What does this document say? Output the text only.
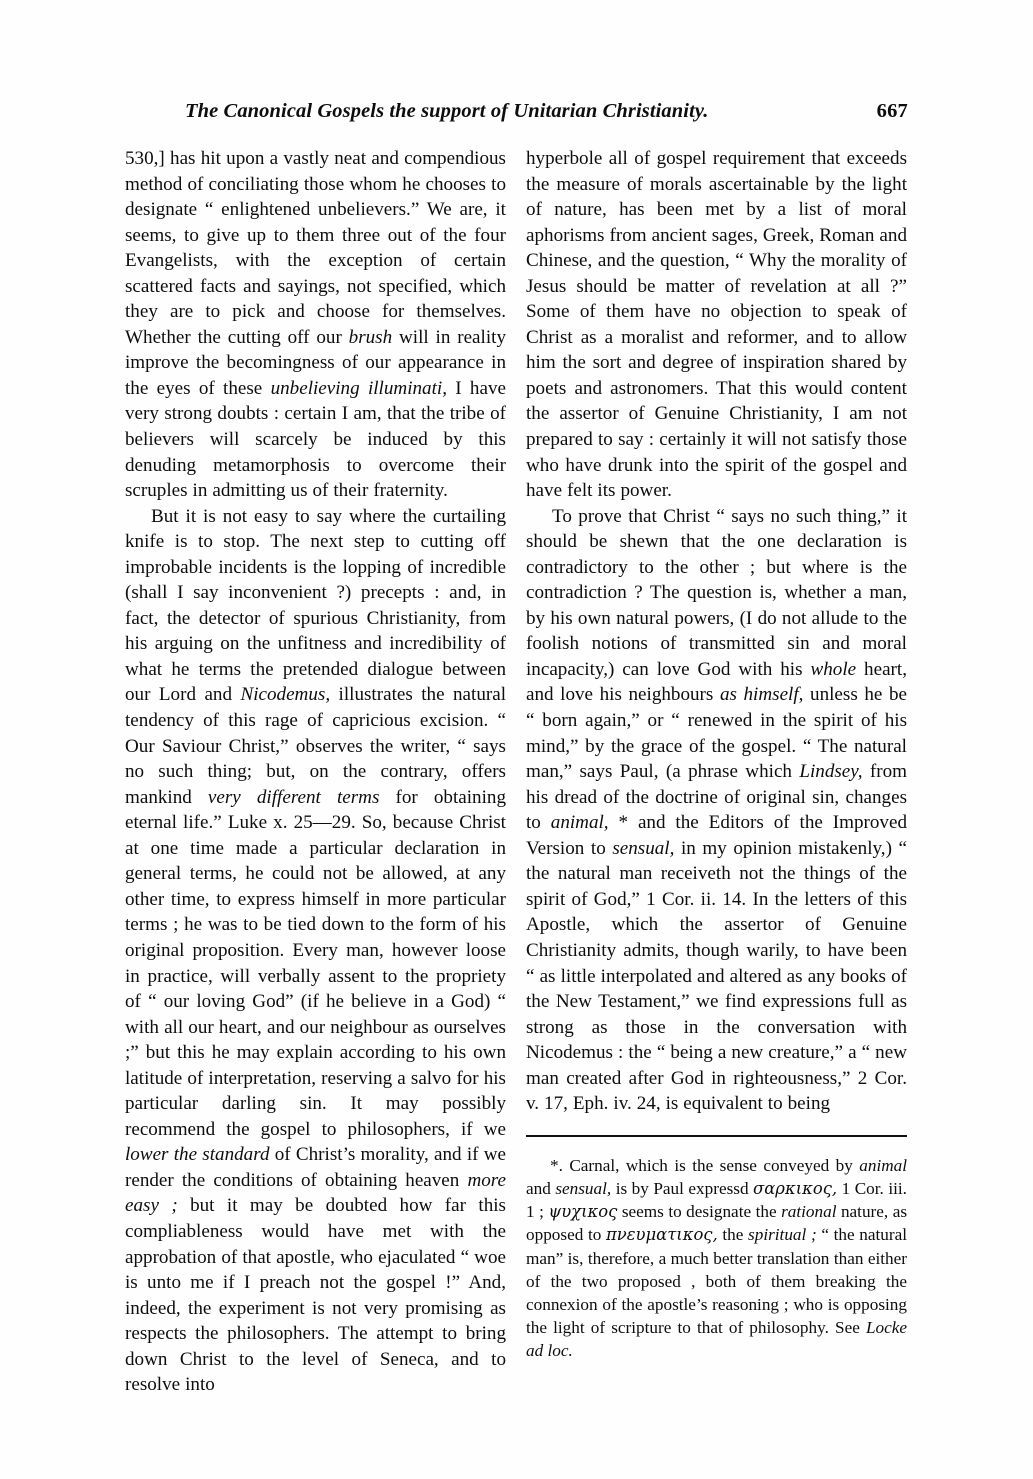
The Canonical Gospels the support of Unitarian Christianity.	667

530,] has hit upon a vastly neat and compendious method of conciliating those whom he chooses to designate “ enlightened unbelievers.” We are, it seems, to give up to them three out of the four Evangelists, with the exception of certain scattered facts and sayings, not specified, which they are to pick and choose for themselves. Whether the cutting off our brush will in reality improve the becomingness of our appearance in the eyes of these unbelieving illuminati, I have very strong doubts : certain I am, that the tribe of believers will scarcely be induced by this denuding metamorphosis to overcome their scruples in admitting us of their fraternity.

But it is not easy to say where the curtailing knife is to stop. The next step to cutting off improbable incidents is the lopping of incredible (shall I say inconvenient ?) precepts : and, in fact, the detector of spurious Christianity, from his arguing on the unfitness and incredibility of what he terms the pretended dialogue between our Lord and Nicodemus, illustrates the natural tendency of this rage of capricious excision. “ Our Saviour Christ,” observes the writer, “ says no such thing; but, on the contrary, offers mankind very different terms for obtaining eternal life.” Luke x. 25—29. So, because Christ at one time made a particular declaration in general terms, he could not be allowed, at any other time, to express himself in more particular terms ; he was to be tied down to the form of his original proposition. Every man, however loose in practice, will verbally assent to the propriety of “ our loving God” (if he believe in a God) “ with all our heart, and our neighbour as ourselves ;” but this he may explain according to his own latitude of interpretation, reserving a salvo for his particular darling sin. It may possibly recommend the gospel to philosophers, if we lower the standard of Christ’s morality, and if we render the conditions of obtaining heaven more easy ; but it may be doubted how far this compliableness would have met with the approbation of that apostle, who ejaculated “ woe is unto me if I preach not the gospel !” And, indeed, the experiment is not very promising as respects the philosophers. The attempt to bring down Christ to the level of Seneca, and to resolve into

hyperbole all of gospel requirement that exceeds the measure of morals ascertainable by the light of nature, has been met by a list of moral aphorisms from ancient sages, Greek, Roman and Chinese, and the question, “ Why the morality of Jesus should be matter of revelation at all ?” Some of them have no objection to speak of Christ as a moralist and reformer, and to allow him the sort and degree of inspiration shared by poets and astronomers. That this would content the assertor of Genuine Christianity, I am not prepared to say : certainly it will not satisfy those who have drunk into the spirit of the gospel and have felt its power.

To prove that Christ “ says no such thing,” it should be shewn that the one declaration is contradictory to the other ; but where is the contradiction ? The question is, whether a man, by his own natural powers, (I do not allude to the foolish notions of transmitted sin and moral incapacity,) can love God with his whole heart, and love his neighbours as himself, unless he be “ born again,” or “ renewed in the spirit of his mind,” by the grace of the gospel. “ The natural man,” says Paul, (a phrase which Lindsey, from his dread of the doctrine of original sin, changes to animal, * and the Editors of the Improved Version to sensual, in my opinion mistakenly,) “ the natural man receiveth not the things of the spirit of God,” 1 Cor. ii. 14. In the letters of this Apostle, which the assertor of Genuine Christianity admits, though warily, to have been “ as little interpolated and altered as any books of the New Testament,” we find expressions full as strong as those in the conversation with Nicodemus : the “ being a new creature,” a “ new man created after God in righteousness,” 2 Cor. v. 17, Eph. iv. 24, is equivalent to being

*. Carnal, which is the sense conveyed by animal and sensual, is by Paul expressd σαρκικος, 1 Cor. iii. 1 ; ψυχικος seems to designate the rational nature, as opposed to πνευματικος, the spiritual ; “ the natural man” is, therefore, a much better translation than either of the two proposed , both of them breaking the connexion of the apostle’s reasoning ; who is opposing the light of scripture to that of philosophy. See Locke ad loc.
